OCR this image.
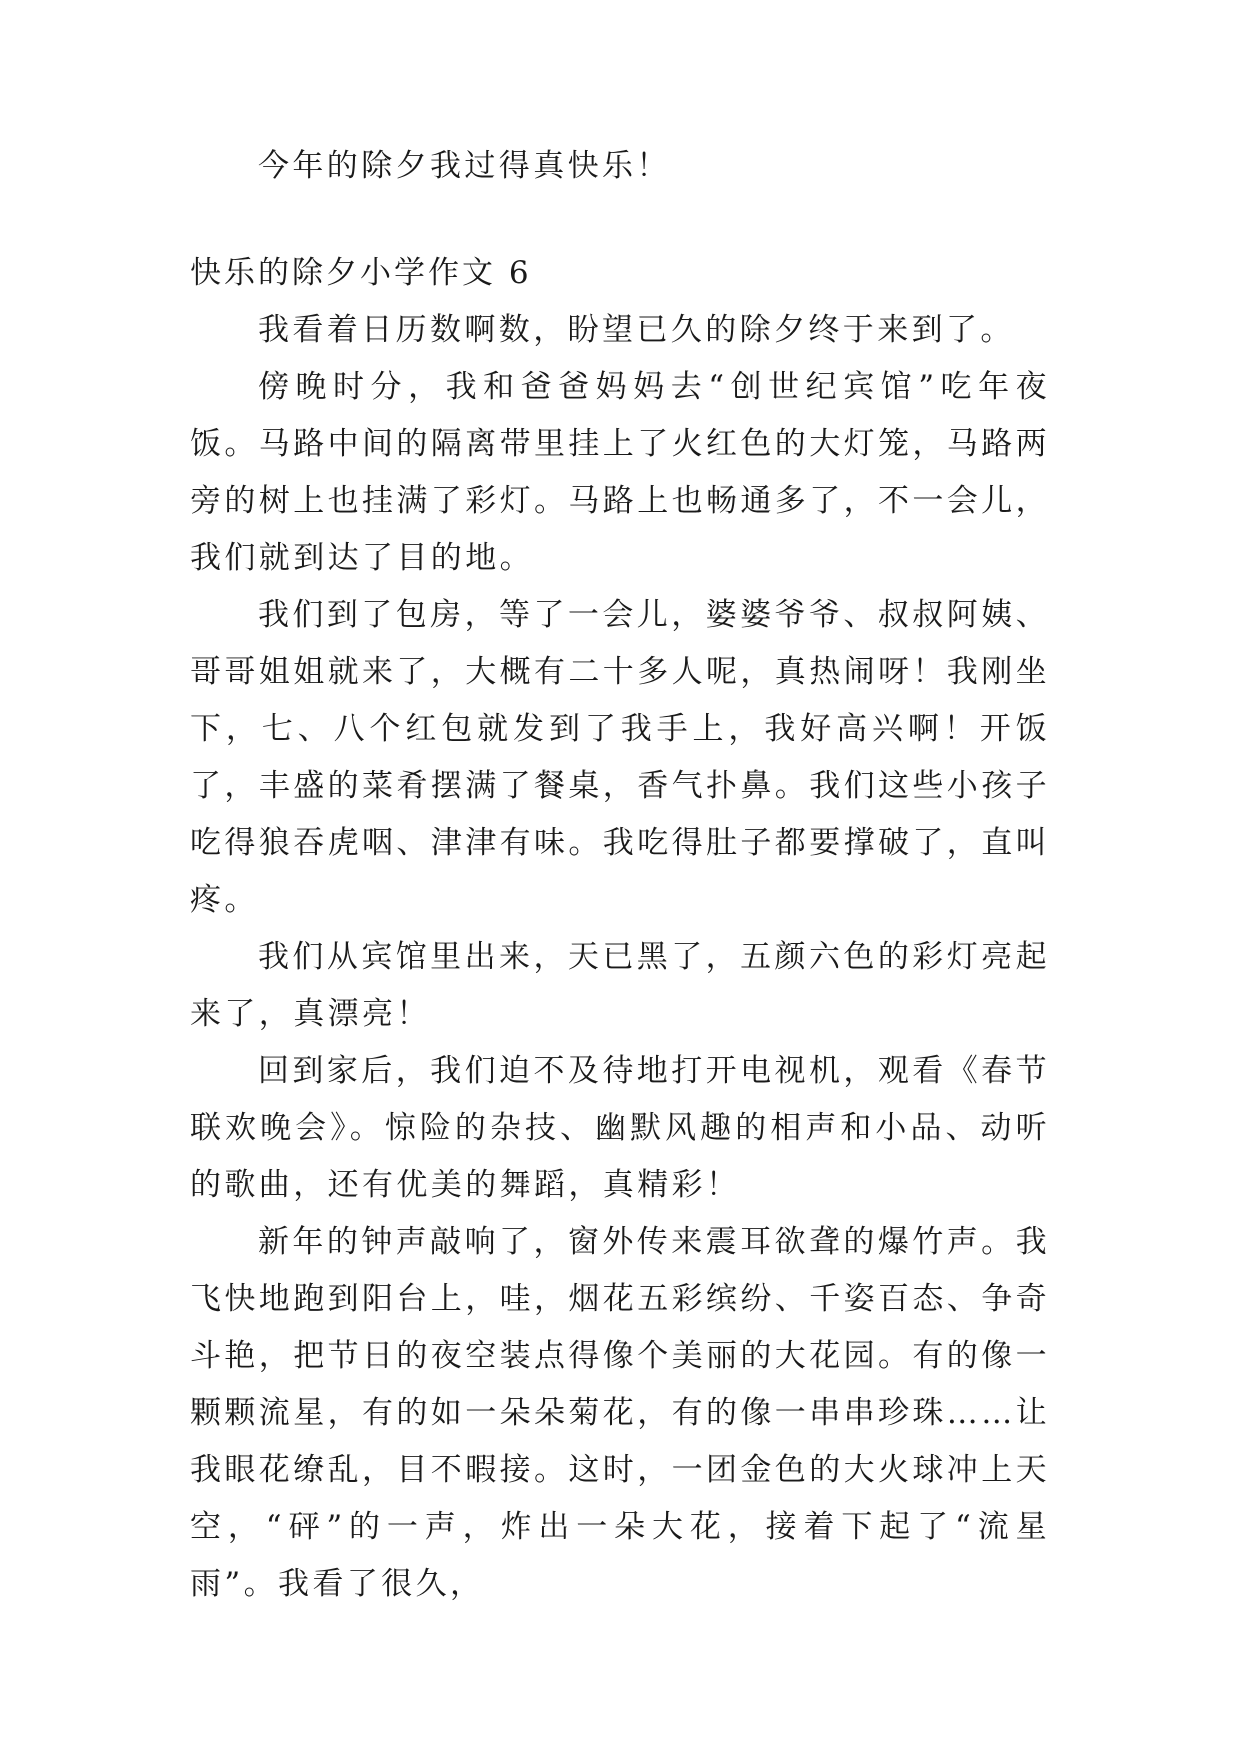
今年的除夕我过得真快乐！

快乐的除夕小学作文 6

我看着日历数啊数，盼望已久的除夕终于来到了。

傍晚时分，我和爸爸妈妈去“创世纪宾馆”吃年夜饭。马路中间的隔离带里挂上了火红色的大灯笼，马路两旁的树上也挂满了彩灯。马路上也畅通多了，不一会儿，我们就到达了目的地。

我们到了包房，等了一会儿，婆婆爷爷、叔叔阿姨、哥哥姐姐就来了，大概有二十多人呢，真热闹呀！我刚坐下，七、八个红包就发到了我手上，我好高兴啊！开饭了，丰盛的菜肴摆满了餐桌，香气扑鼻。我们这些小孩子吃得狼吞虎咽、津津有味。我吃得肚子都要撑破了，直叫疼。

我们从宾馆里出来，天已黑了，五颜六色的彩灯亮起来了，真漂亮！

回到家后，我们迫不及待地打开电视机，观看《春节联欢晚会》。惊险的杂技、幽默风趣的相声和小品、动听的歌曲，还有优美的舞蹈，真精彩！

新年的钟声敲响了，窗外传来震耳欲聋的爆竹声。我飞快地跑到阳台上，哇，烟花五彩缤纷、千姿百态、争奇斗艳，把节日的夜空装点得像个美丽的大花园。有的像一颗颗流星，有的如一朵朵菊花，有的像一串串珍珠……让我眼花缭乱，目不暇接。这时，一团金色的大火球冲上天空，“砰”的一声，炸出一朵大花，接着下起了“流星雨”。我看了很久，
